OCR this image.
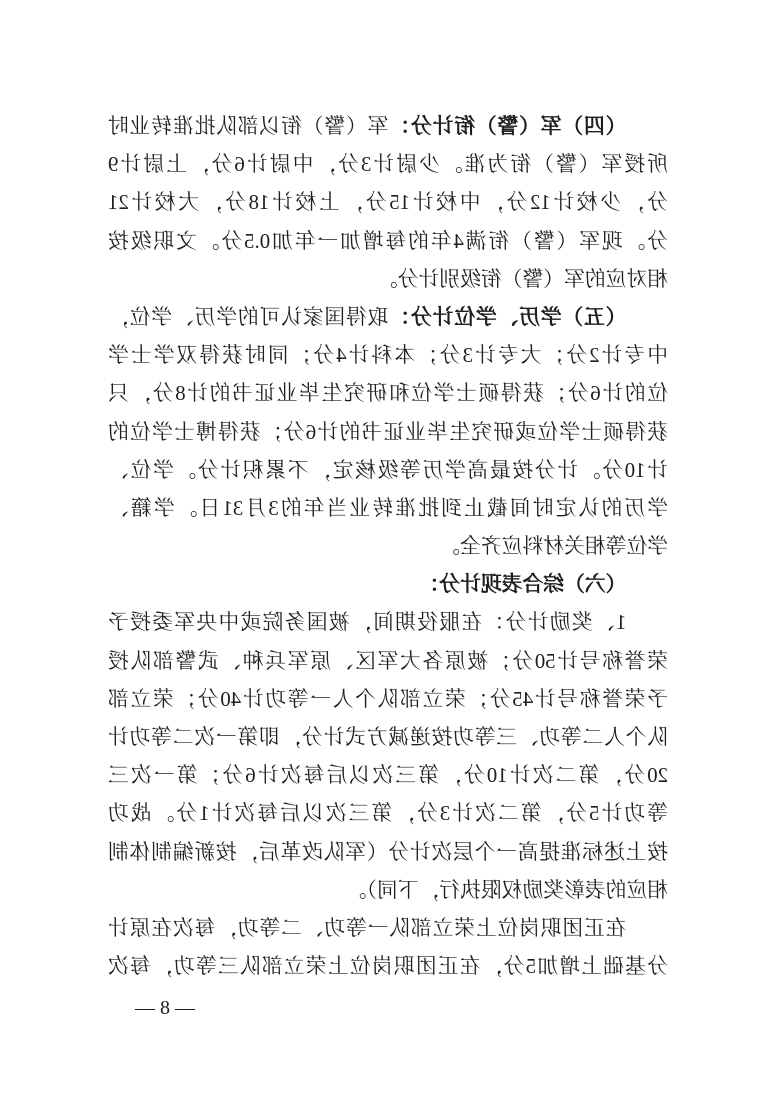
（四）军（警）衔计分：军（警）衔以部队批准转业时
所授军（警）衔为准。少尉计3分，中尉计6分，上尉计9
分，少校计12分，中校计15分，上校计18分，大校计21
分。现军（警）衔满4年的每增加一年加0.5分。文职级按
相对应的军（警）衔级别计分。
（五）学历、学位计分：取得国家认可的学历、学位，
中专计2分；大专计3分；本科计4分；同时获得双学士学
位的计6分；获得硕士学位和研究生毕业证书的计8分，只
获得硕士学位或研究生毕业证书的计6分；获得博士学位的
计10分。计分按最高学历等级核定，不累积计分。学位、
学历的认定时间截止到批准转业当年的3月31日。学籍、
学位等相关材料应齐全。
（六）综合表现计分：
1、奖励计分：在服役期间，被国务院或中央军委授予
荣誉称号计50分；被原各大军区、原军兵种、武警部队授
予荣誉称号计45分；荣立部队个人一等功计40分；荣立部
队个人二等功、三等功按递减方式计分，即第一次二等功计
20分，第二次计10分，第三次以后每次计6分；第一次三
等功计5分，第二次计3分，第三次以后每次计1分。战功
按上述标准提高一个层次计分（军队改革后，按新编制体制
相应的表彰奖励权限执行，下同）。
在正团职岗位上荣立部队一等功、二等功，每次在原计
分基础上增加5分，在正团职岗位上荣立部队三等功，每次
— 8 —
